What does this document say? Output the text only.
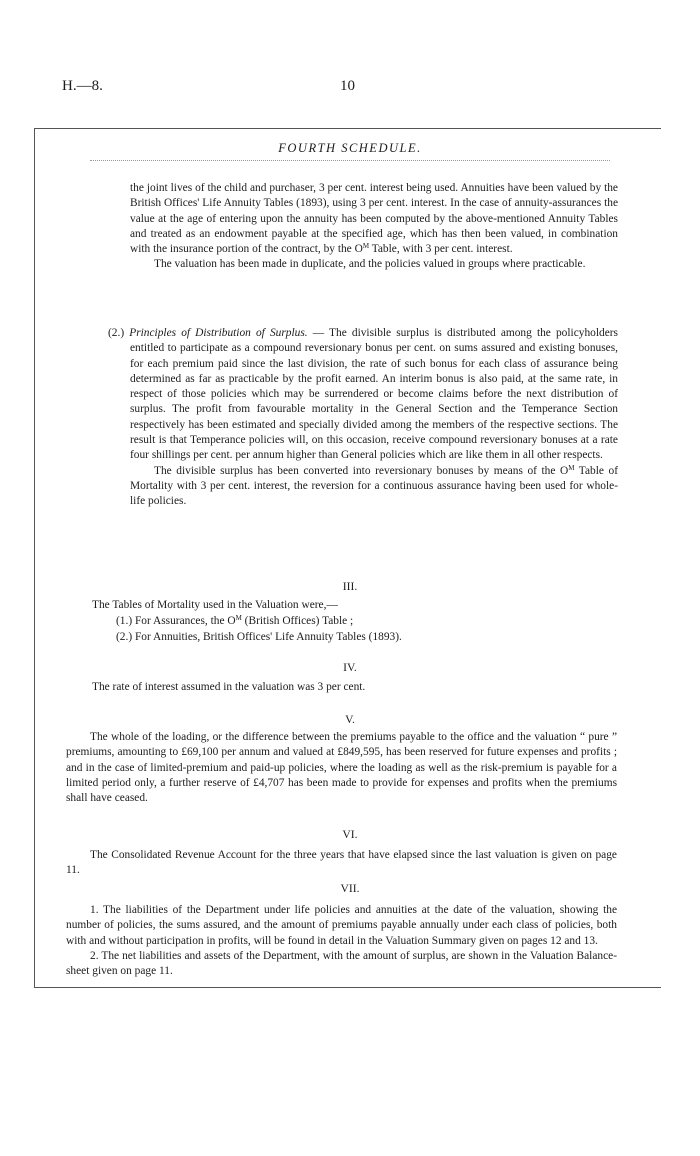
H.—8.	10
FOURTH SCHEDULE.

the joint lives of the child and purchaser, 3 per cent. interest being used. Annuities have been valued by the British Offices' Life Annuity Tables (1893), using 3 per cent. interest. In the case of annuity-assurances the value at the age of entering upon the annuity has been computed by the above-mentioned Annuity Tables and treated as an endowment payable at the specified age, which has then been valued, in combination with the insurance portion of the contract, by the $O^M$ Table, with 3 per cent. interest.

The valuation has been made in duplicate, and the policies valued in groups where practicable.

(2.) Principles of Distribution of Surplus. — The divisible surplus is distributed among the policyholders entitled to participate as a compound reversionary bonus per cent. on sums assured and existing bonuses, for each premium paid since the last division, the rate of such bonus for each class of assurance being determined as far as practicable by the profit earned. An interim bonus is also paid, at the same rate, in respect of those policies which may be surrendered or become claims before the next distribution of surplus. The profit from favourable mortality in the General Section and the Temperance Section respectively has been estimated and specially divided among the members of the respective sections. The result is that Temperance policies will, on this occasion, receive compound reversionary bonuses at a rate four shillings per cent. per annum higher than General policies which are like them in all other respects.

The divisible surplus has been converted into reversionary bonuses by means of the $O^M$ Table of Mortality with 3 per cent. interest, the reversion for a continuous assurance having been used for whole-life policies.

III.
The Tables of Mortality used in the Valuation were,—
(1.) For Assurances, the $O^M$ (British Offices) Table ;
(2.) For Annuities, British Offices' Life Annuity Tables (1893).
IV.
The rate of interest assumed in the valuation was 3 per cent.
V.
The whole of the loading, or the difference between the premiums payable to the office and the valuation “ pure ” premiums, amounting to £69,100 per annum and valued at £849,595, has been reserved for future expenses and profits ; and in the case of limited-premium and paid-up policies, where the loading as well as the risk-premium is payable for a limited period only, a further reserve of £4,707 has been made to provide for expenses and profits when the premiums shall have ceased.
VI.
The Consolidated Revenue Account for the three years that have elapsed since the last valuation is given on page 11.
VII.

1. The liabilities of the Department under life policies and annuities at the date of the valuation, showing the number of policies, the sums assured, and the amount of premiums payable annually under each class of policies, both with and without participation in profits, will be found in detail in the Valuation Summary given on pages 12 and 13.

2. The net liabilities and assets of the Department, with the amount of surplus, are shown in the Valuation Balance-sheet given on page 11.
